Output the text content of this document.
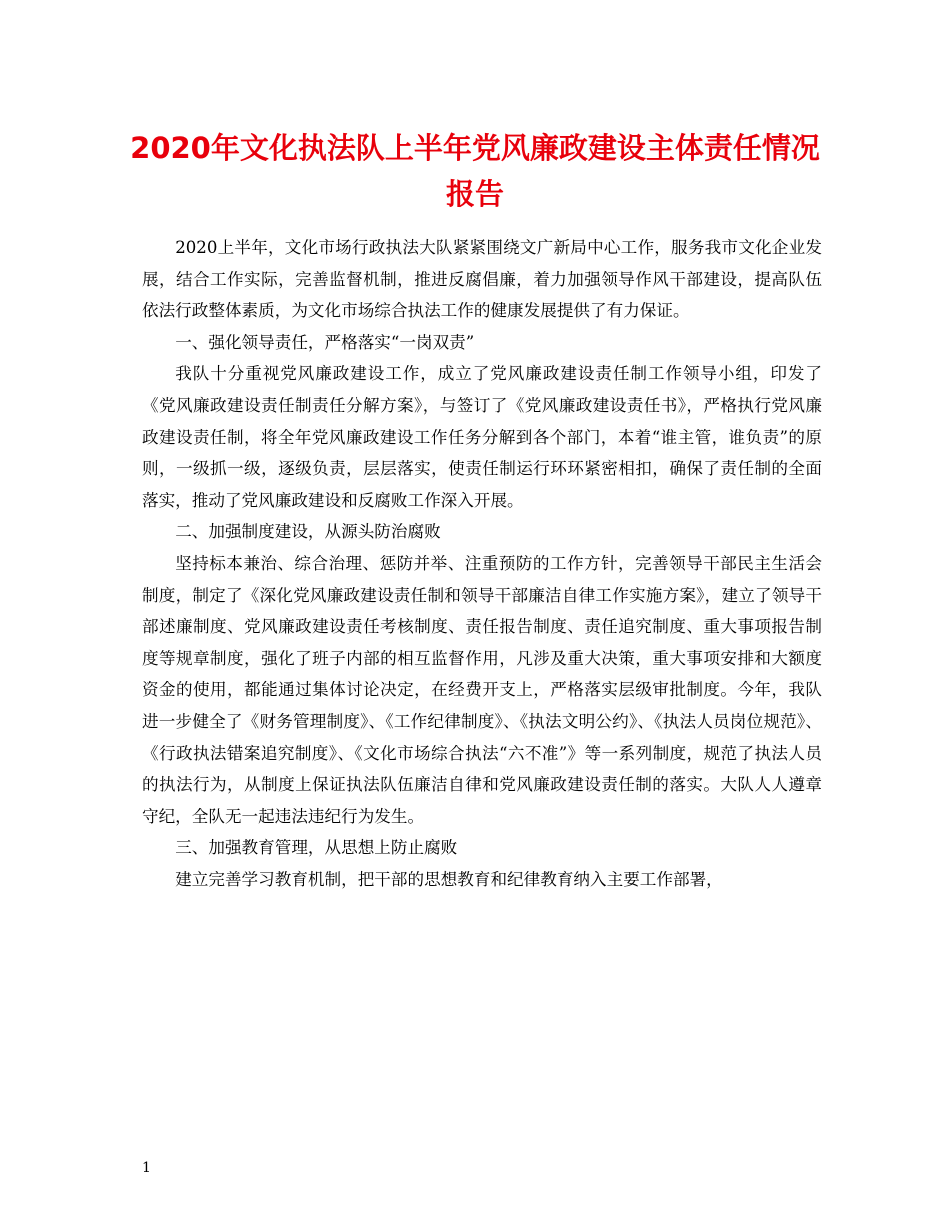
2020年文化执法队上半年党风廉政建设主体责任情况
报告

2020上半年，文化市场行政执法大队紧紧围绕文广新局中心工作，服务我市文化企业发展，结合工作实际，完善监督机制，推进反腐倡廉，着力加强领导作风干部建设，提高队伍依法行政整体素质，为文化市场综合执法工作的健康发展提供了有力保证。

一、强化领导责任，严格落实“一岗双责”

我队十分重视党风廉政建设工作，成立了党风廉政建设责任制工作领导小组，印发了《党风廉政建设责任制责任分解方案》，与签订了《党风廉政建设责任书》，严格执行党风廉政建设责任制，将全年党风廉政建设工作任务分解到各个部门，本着“谁主管，谁负责”的原则，一级抓一级，逐级负责，层层落实，使责任制运行环环紧密相扣，确保了责任制的全面落实，推动了党风廉政建设和反腐败工作深入开展。

二、加强制度建设，从源头防治腐败

坚持标本兼治、综合治理、惩防并举、注重预防的工作方针，完善领导干部民主生活会制度，制定了《深化党风廉政建设责任制和领导干部廉洁自律工作实施方案》，建立了领导干部述廉制度、党风廉政建设责任考核制度、责任报告制度、责任追究制度、重大事项报告制度等规章制度，强化了班子内部的相互监督作用，凡涉及重大决策，重大事项安排和大额度资金的使用，都能通过集体讨论决定，在经费开支上，严格落实层级审批制度。今年，我队进一步健全了《财务管理制度》、《工作纪律制度》、《执法文明公约》、《执法人员岗位规范》、《行政执法错案追究制度》、《文化市场综合执法“六不准”》等一系列制度，规范了执法人员的执法行为，从制度上保证执法队伍廉洁自律和党风廉政建设责任制的落实。大队人人遵章守纪，全队无一起违法违纪行为发生。

三、加强教育管理，从思想上防止腐败

建立完善学习教育机制，把干部的思想教育和纪律教育纳入主要工作部署，

1
